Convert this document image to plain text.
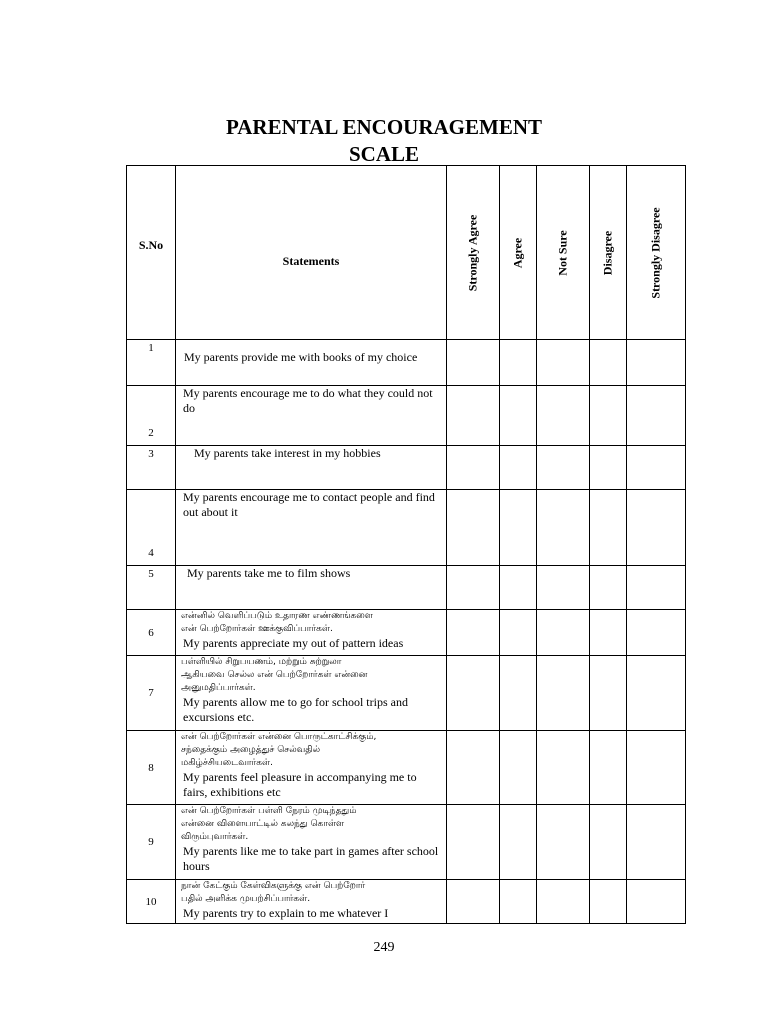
PARENTAL ENCOURAGEMENT
SCALE
S.No	Statements	Strongly Agree	Agree	Not Sure	Disagree	Strongly Disagree

1	My parents provide me with books of my choice					

2	My parents encourage me to do what they could not do					

3	My parents take interest in my hobbies					

4	My parents encourage me to contact people and find out about it					

5	My parents take me to film shows					

6	என்னில் வெளிப்படும் உதாரண எண்ணங்களை
என் பெற்றோர்கள் ஊக்குவிப்பார்கள்.
My parents appreciate my out of pattern ideas					

7	பள்ளியில் சிறுபயணம், மற்றும் சுற்றுலா
ஆகியவை செல்ல என் பெற்றோர்கள் என்னை
அனுமதிப்பார்கள்.
My parents allow me to go for school trips and excursions etc.					

8	என் பெற்றோர்கள் என்னை பொருட்காட்சிக்கும்,
சந்தைக்கும் அழைத்துச் செல்வதில்
மகிழ்ச்சியடைவார்கள்.
My parents feel pleasure in accompanying me to fairs, exhibitions etc					

9	என் பெற்றோர்கள் பள்ளி நேரம் முடிந்ததும்
என்னை விளையாட்டில் கலந்து கொள்ள
விரும்புவார்கள்.
My parents like me to take part in games after school hours					

10	நான் கேட்கும் கேள்விகளுக்கு என் பெற்றோர்
பதில் அளிக்க முயற்சிப்பார்கள்.
My parents try to explain to me whatever I					

249
